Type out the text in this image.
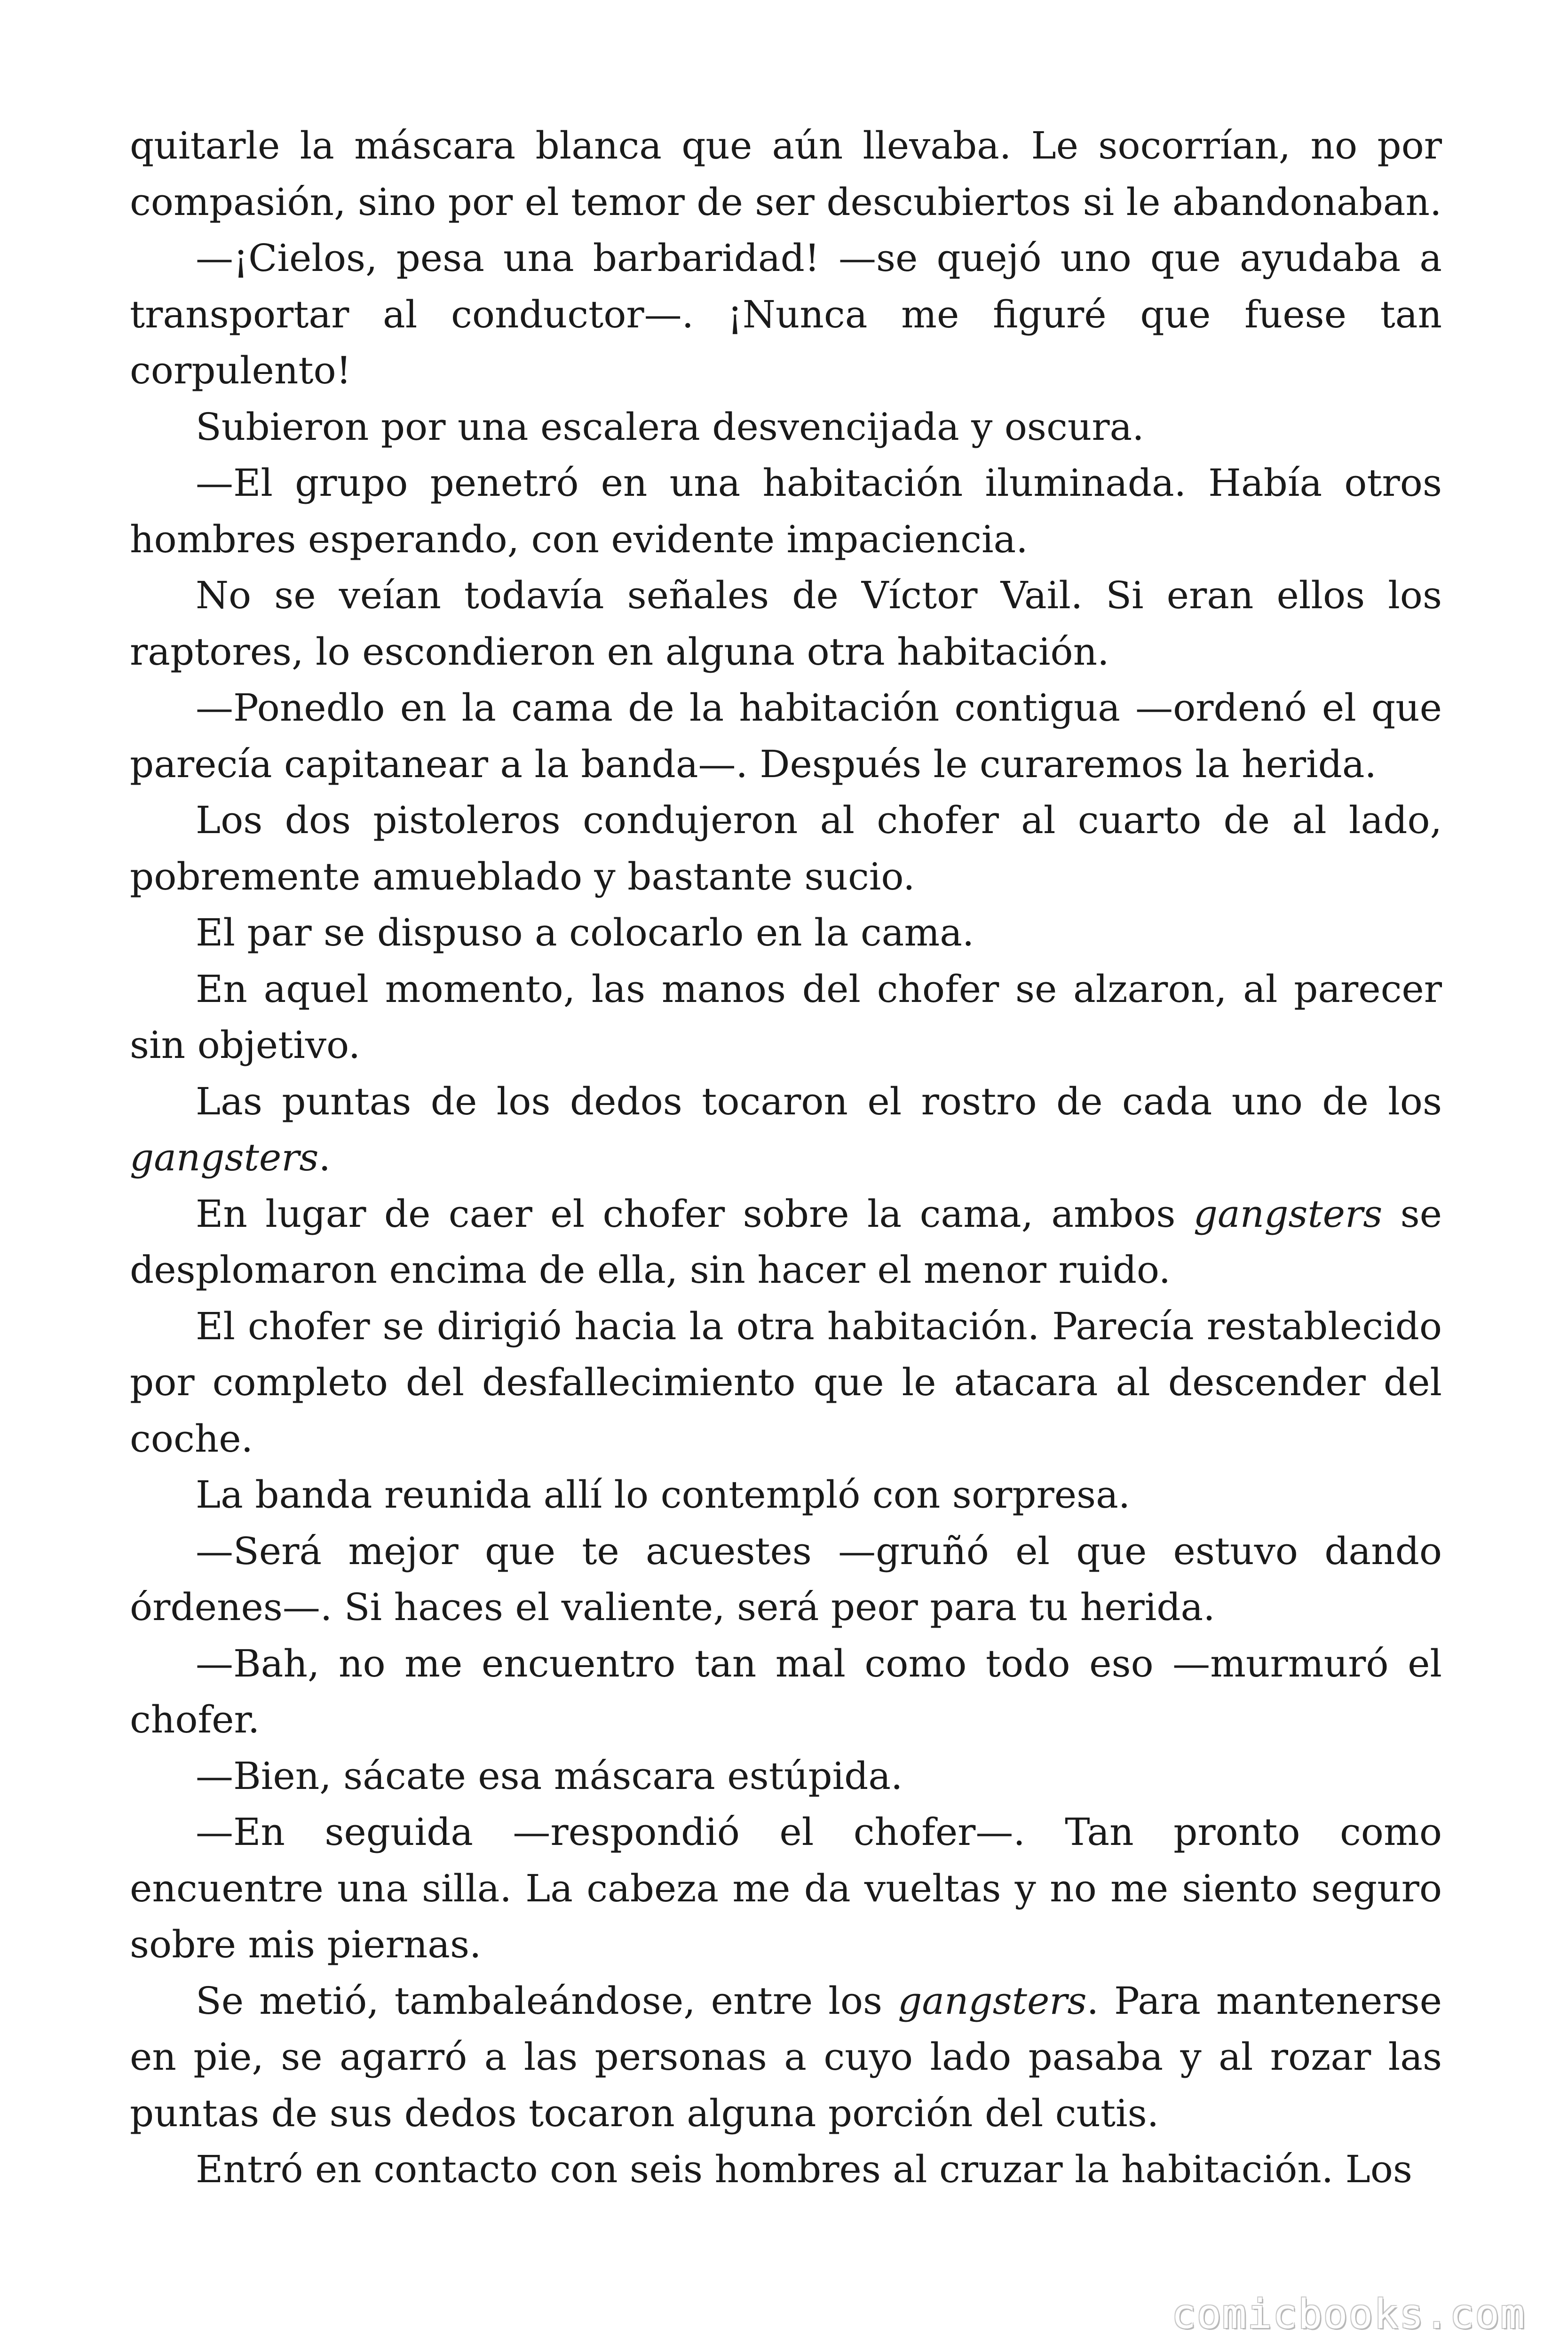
quitarle la máscara blanca que aún llevaba. Le socorrían, no por compasión, sino por el temor de ser descubiertos si le abandonaban.

—¡Cielos, pesa una barbaridad! —se quejó uno que ayudaba a transportar al conductor—. ¡Nunca me figuré que fuese tan corpulento!

Subieron por una escalera desvencijada y oscura.

—El grupo penetró en una habitación iluminada. Había otros hombres esperando, con evidente impaciencia.

No se veían todavía señales de Víctor Vail. Si eran ellos los raptores, lo escondieron en alguna otra habitación.

—Ponedlo en la cama de la habitación contigua —ordenó el que parecía capitanear a la banda—. Después le curaremos la herida.

Los dos pistoleros condujeron al chofer al cuarto de al lado, pobremente amueblado y bastante sucio.

El par se dispuso a colocarlo en la cama.

En aquel momento, las manos del chofer se alzaron, al parecer sin objetivo.

Las puntas de los dedos tocaron el rostro de cada uno de los gangsters.

En lugar de caer el chofer sobre la cama, ambos gangsters se desplomaron encima de ella, sin hacer el menor ruido.

El chofer se dirigió hacia la otra habitación. Parecía restablecido por completo del desfallecimiento que le atacara al descender del coche.

La banda reunida allí lo contempló con sorpresa.

—Será mejor que te acuestes —gruñó el que estuvo dando órdenes—. Si haces el valiente, será peor para tu herida.

—Bah, no me encuentro tan mal como todo eso —murmuró el chofer.

—Bien, sácate esa máscara estúpida.

—En seguida —respondió el chofer—. Tan pronto como encuentre una silla. La cabeza me da vueltas y no me siento seguro sobre mis piernas.

Se metió, tambaleándose, entre los gangsters. Para mantenerse en pie, se agarró a las personas a cuyo lado pasaba y al rozar las puntas de sus dedos tocaron alguna porción del cutis.

Entró en contacto con seis hombres al cruzar la habitación. Los

comicbooks.com
